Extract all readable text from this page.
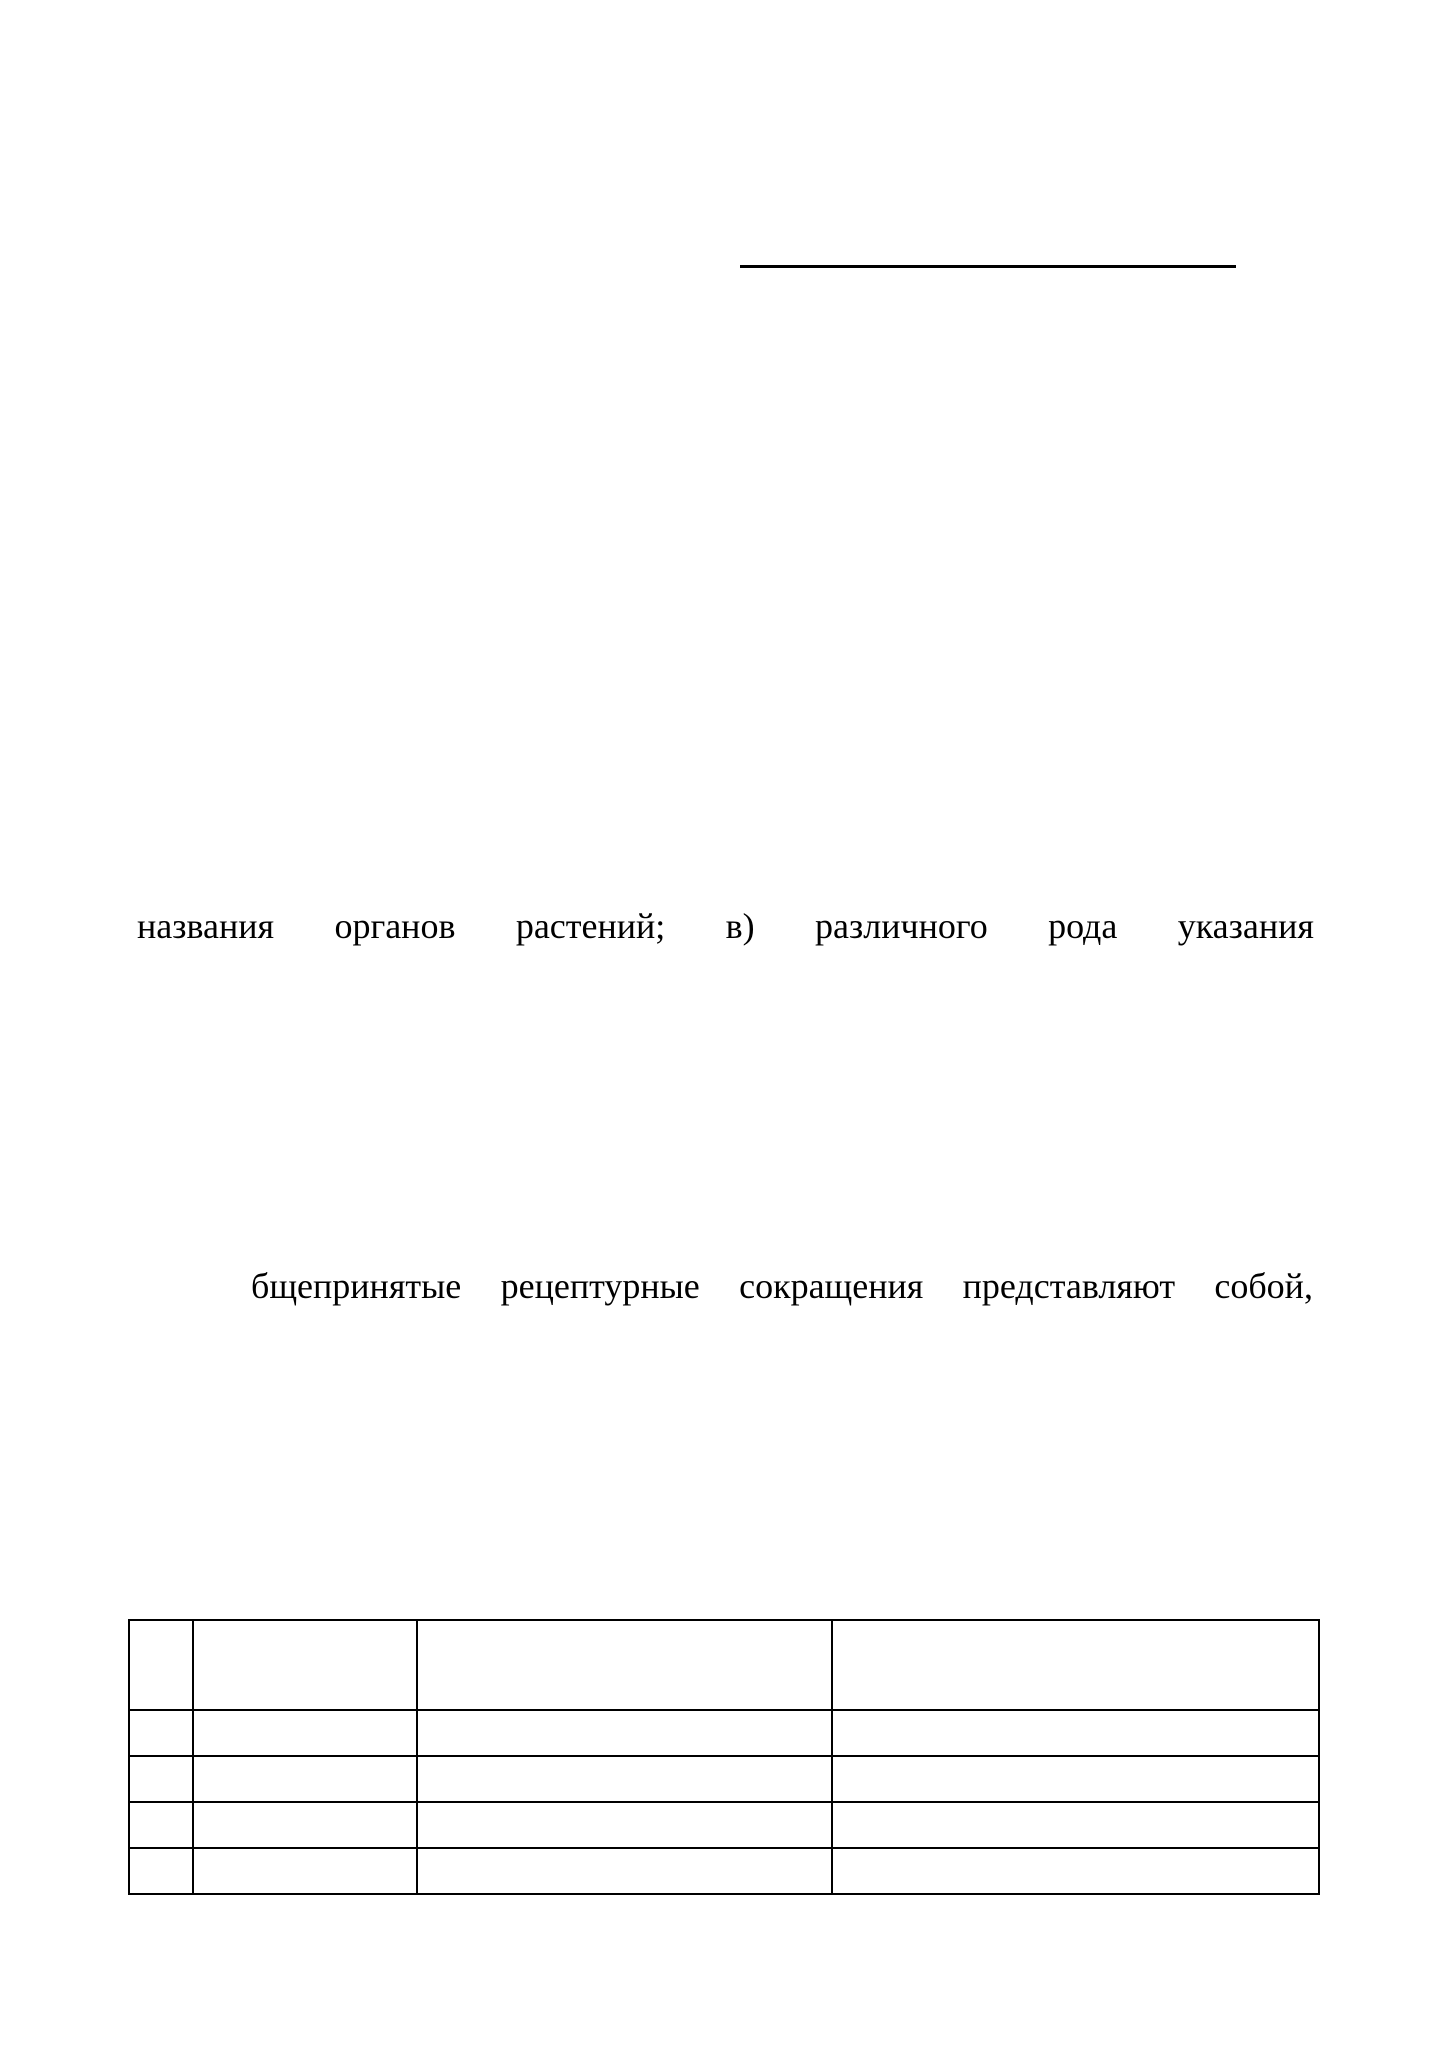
названия органов растений; в) различного рода указания
бщепринятые рецептурные сокращения представляют собой,
